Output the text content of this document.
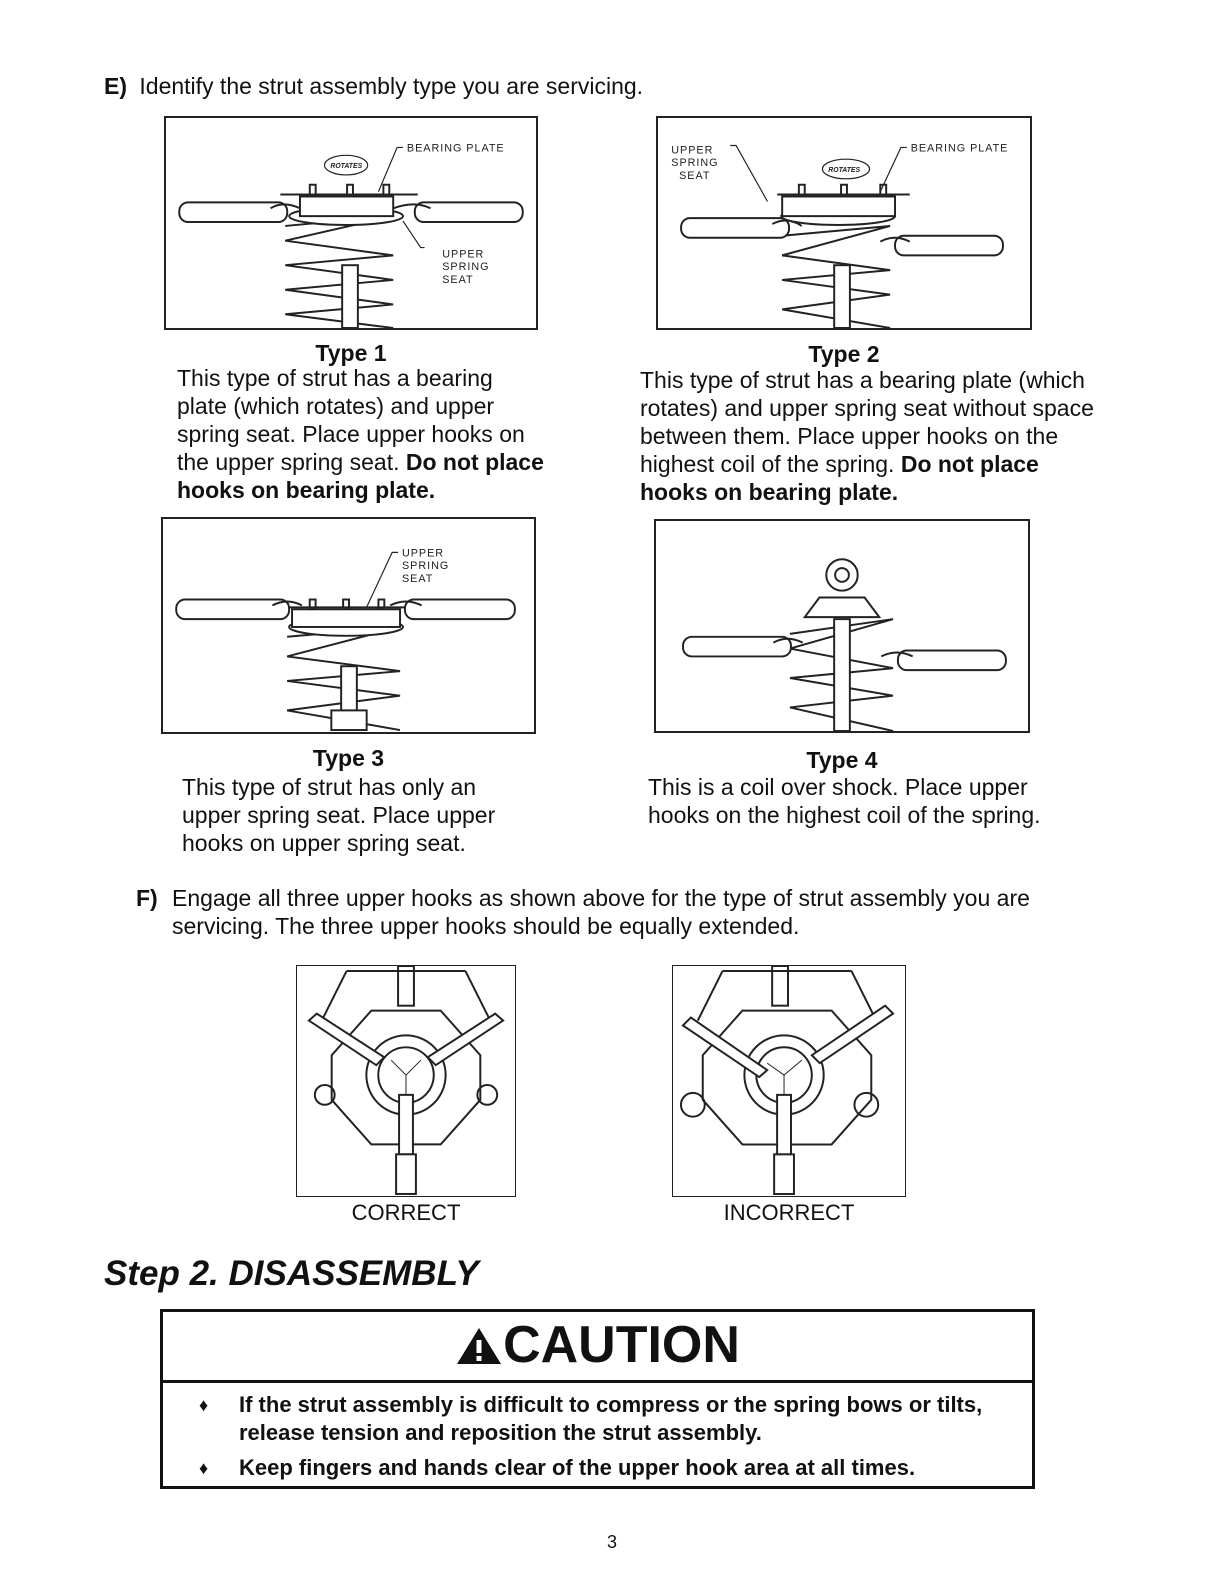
E) Identify the strut assembly type you are servicing.
BEARING PLATE
UPPER
SPRING
SEAT
ROTATES
Type 1
This type of strut has a bearing plate (which rotates) and upper spring seat. Place upper hooks on the upper spring seat. Do not place hooks on bearing plate.
UPPER
SPRING
SEAT
BEARING PLATE
ROTATES
Type 2
This type of strut has a bearing plate (which rotates) and upper spring seat without space between them. Place upper hooks on the highest coil of the spring. Do not place hooks on bearing plate.
UPPER
SPRING
SEAT
Type 3
This type of strut has only an upper spring seat. Place upper hooks on upper spring seat.
Type 4
This is a coil over shock. Place upper hooks on the highest coil of the spring.
F) Engage all three upper hooks as shown above for the type of strut assembly you are servicing. The three upper hooks should be equally extended.
CORRECT	INCORRECT
Step 2. DISASSEMBLY
CAUTION
♦ If the strut assembly is difficult to compress or the spring bows or tilts, release tension and reposition the strut assembly.
♦ Keep fingers and hands clear of the upper hook area at all times.
3
